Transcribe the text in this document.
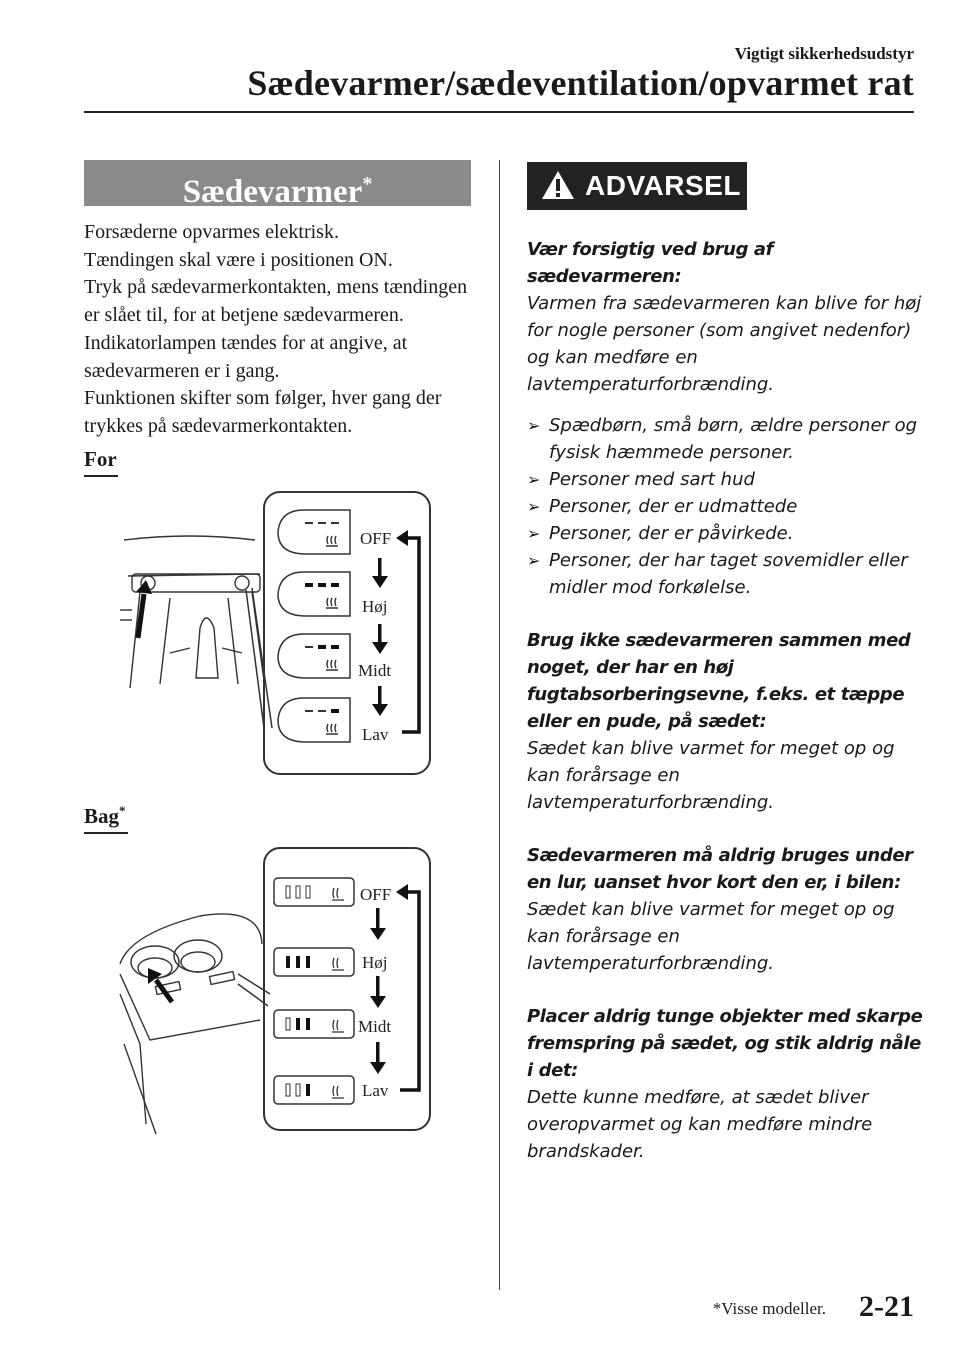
Vigtigt sikkerhedsudstyr
Sædevarmer/sædeventilation/opvarmet rat
Sædevarmer*

Forsæderne opvarmes elektrisk.

Tændingen skal være i positionen ON.

Tryk på sædevarmerkontakten, mens tændingen er slået til, for at betjene sædevarmeren. Indikatorlampen tændes for at angive, at sædevarmeren er i gang.

Funktionen skifter som følger, hver gang der trykkes på sædevarmerkontakten.

For
OFF
Høj
Midt
Lav
Bag*
OFF
Høj
Midt
Lav
ADVARSEL

Vær forsigtig ved brug af sædevarmeren:

Varmen fra sædevarmeren kan blive for høj for nogle personer (som angivet nedenfor) og kan medføre en lavtemperaturforbrænding.

➢ Spædbørn, små børn, ældre personer og fysisk hæmmede personer.
➢ Personer med sart hud
➢ Personer, der er udmattede
➢ Personer, der er påvirkede.
➢ Personer, der har taget sovemidler eller midler mod forkølelse.

Brug ikke sædevarmeren sammen med noget, der har en høj fugtabsorberingsevne, f.eks. et tæppe eller en pude, på sædet:

Sædet kan blive varmet for meget op og kan forårsage en lavtemperaturforbrænding.

Sædevarmeren må aldrig bruges under en lur, uanset hvor kort den er, i bilen:

Sædet kan blive varmet for meget op og kan forårsage en lavtemperaturforbrænding.

Placer aldrig tunge objekter med skarpe fremspring på sædet, og stik aldrig nåle i det:

Dette kunne medføre, at sædet bliver overopvarmet og kan medføre mindre brandskader.

*Visse modeller. 2-21
